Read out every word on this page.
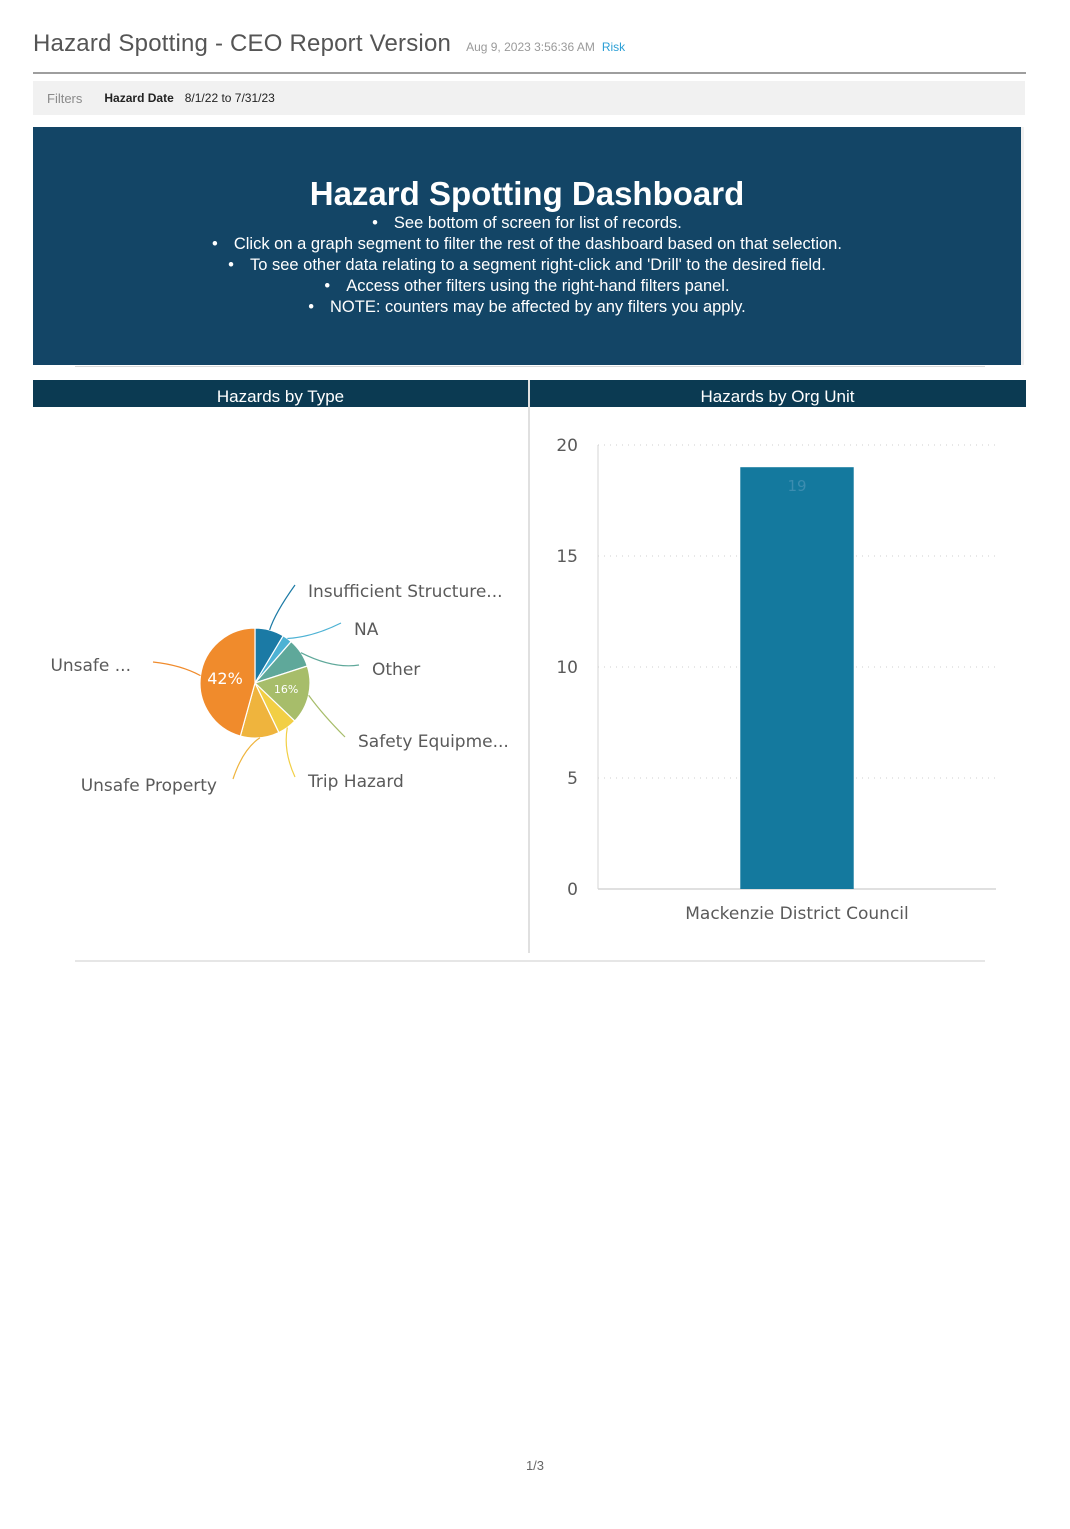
Hazard Spotting - CEO Report Version Aug 9, 2023 3:56:36 AM Risk
Filters Hazard Date 8/1/22 to 7/31/23
Hazard Spotting Dashboard
• See bottom of screen for list of records.
• Click on a graph segment to filter the rest of the dashboard based on that selection.
• To see other data relating to a segment right-click and 'Drill' to the desired field.
• Access other filters using the right-hand filters panel.
• NOTE: counters may be affected by any filters you apply.
Hazards by Type	Hazards by Org Unit
Insufficient Structure...
NA
Other
Safety Equipme...
16%
Trip Hazard
Unsafe Property
Unsafe ...
42%
0
5
10
15
20
19
Mackenzie District Council
1/3
